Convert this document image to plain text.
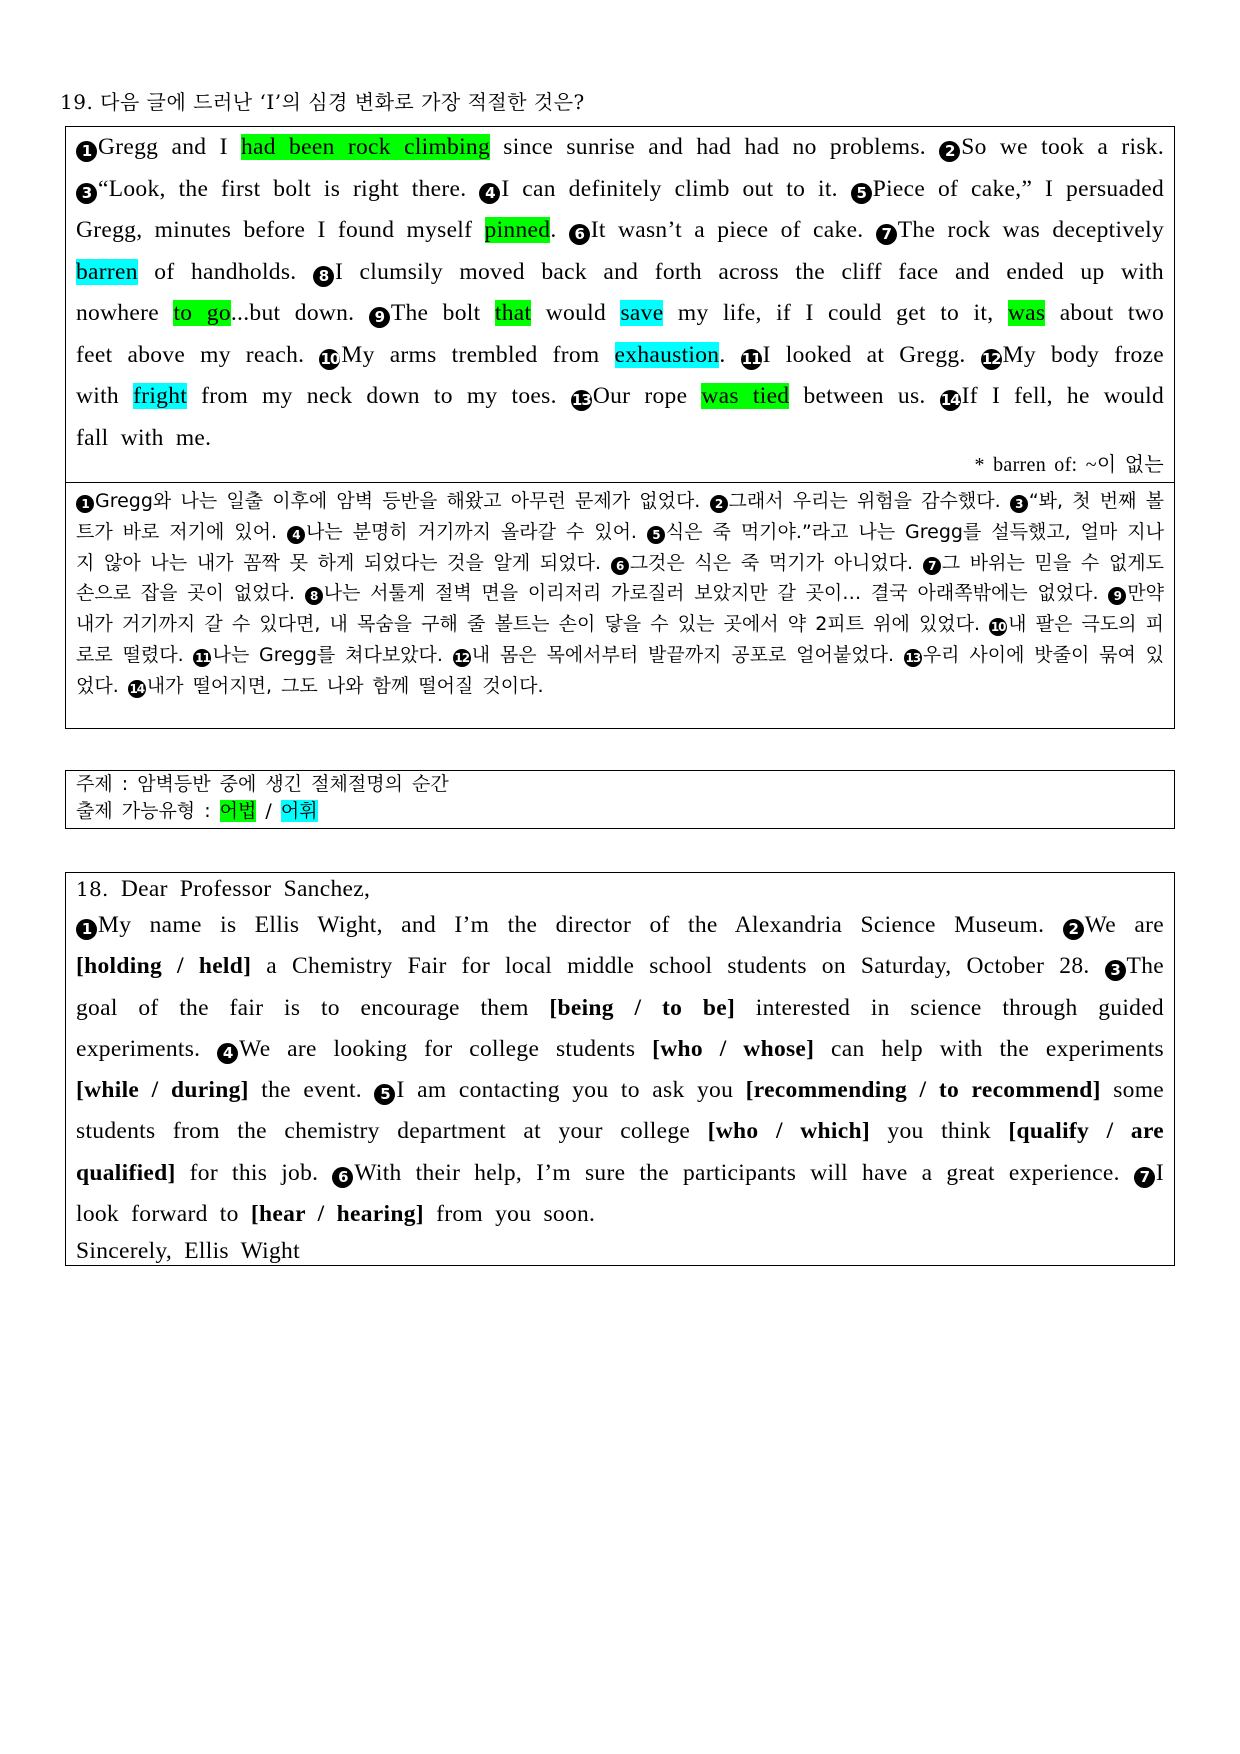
19. 다음 글에 드러난 ‘I’의 심경 변화로 가장 적절한 것은?

1 Gregg and I had been rock climbing since sunrise and had had no problems. 2 So we took a risk. 3 “Look, the first bolt is right there. 4 I can definitely climb out to it. 5 Piece of cake,” I persuaded Gregg, minutes before I found myself pinned. 6 It wasn’t a piece of cake. 7 The rock was deceptively barren of handholds. 8 I clumsily moved back and forth across the cliff face and ended up with nowhere to go...but down. 9 The bolt that would save my life, if I could get to it, was about two feet above my reach. 10My arms trembled from exhaustion. 11I looked at Gregg. 12My body froze with fright from my neck down to my toes. 13Our rope was tied between us. 14If I fell, he would fall with me.

* barren of: ~이 없는

1 Gregg와 나는 일출 이후에 암벽 등반을 해왔고 아무런 문제가 없었다. 2 그래서 우리는 위험을 감수했다. 3 “봐, 첫 번째 볼트가 바로 저기에 있어. 4 나는 분명히 거기까지 올라갈 수 있어. 5 식은 죽 먹기야.”라고 나는 Gregg를 설득했고, 얼마 지나지 않아 나는 내가 꼼짝 못 하게 되었다는 것을 알게 되었다. 6 그것은 식은 죽 먹기가 아니었다. 7 그 바위는 믿을 수 없게도 손으로 잡을 곳이 없었다. 8 나는 서툴게 절벽 면을 이리저리 가로질러 보았지만 갈 곳이… 결국 아래쪽밖에는 없었다. 9 만약 내가 거기까지 갈 수 있다면, 내 목숨을 구해 줄 볼트는 손이 닿을 수 있는 곳에서 약 2피트 위에 있었다. 10 내 팔은 극도의 피로로 떨렸다. 11 나는 Gregg를 쳐다보았다. 12 내 몸은 목에서부터 발끝까지 공포로 얼어붙었다. 13 우리 사이에 밧줄이 묶여 있었다. 14 내가 떨어지면, 그도 나와 함께 떨어질 것이다.

주제 : 암벽등반 중에 생긴 절체절명의 순간

출제 가능유형 : 어법 / 어휘

18. Dear Professor Sanchez,

1 My name is Ellis Wight, and I’m the director of the Alexandria Science Museum. 2 We are [holding / held] a Chemistry Fair for local middle school students on Saturday, October 28. 3 The goal of the fair is to encourage them [being / to be] interested in science through guided experiments. 4 We are looking for college students [who / whose] can help with the experiments [while / during] the event. 5 I am contacting you to ask you [recommending / to recommend] some students from the chemistry department at your college [who / which] you think [qualify / are qualified] for this job. 6 With their help, I’m sure the participants will have a great experience. 7 I look forward to [hear / hearing] from you soon.

Sincerely, Ellis Wight
